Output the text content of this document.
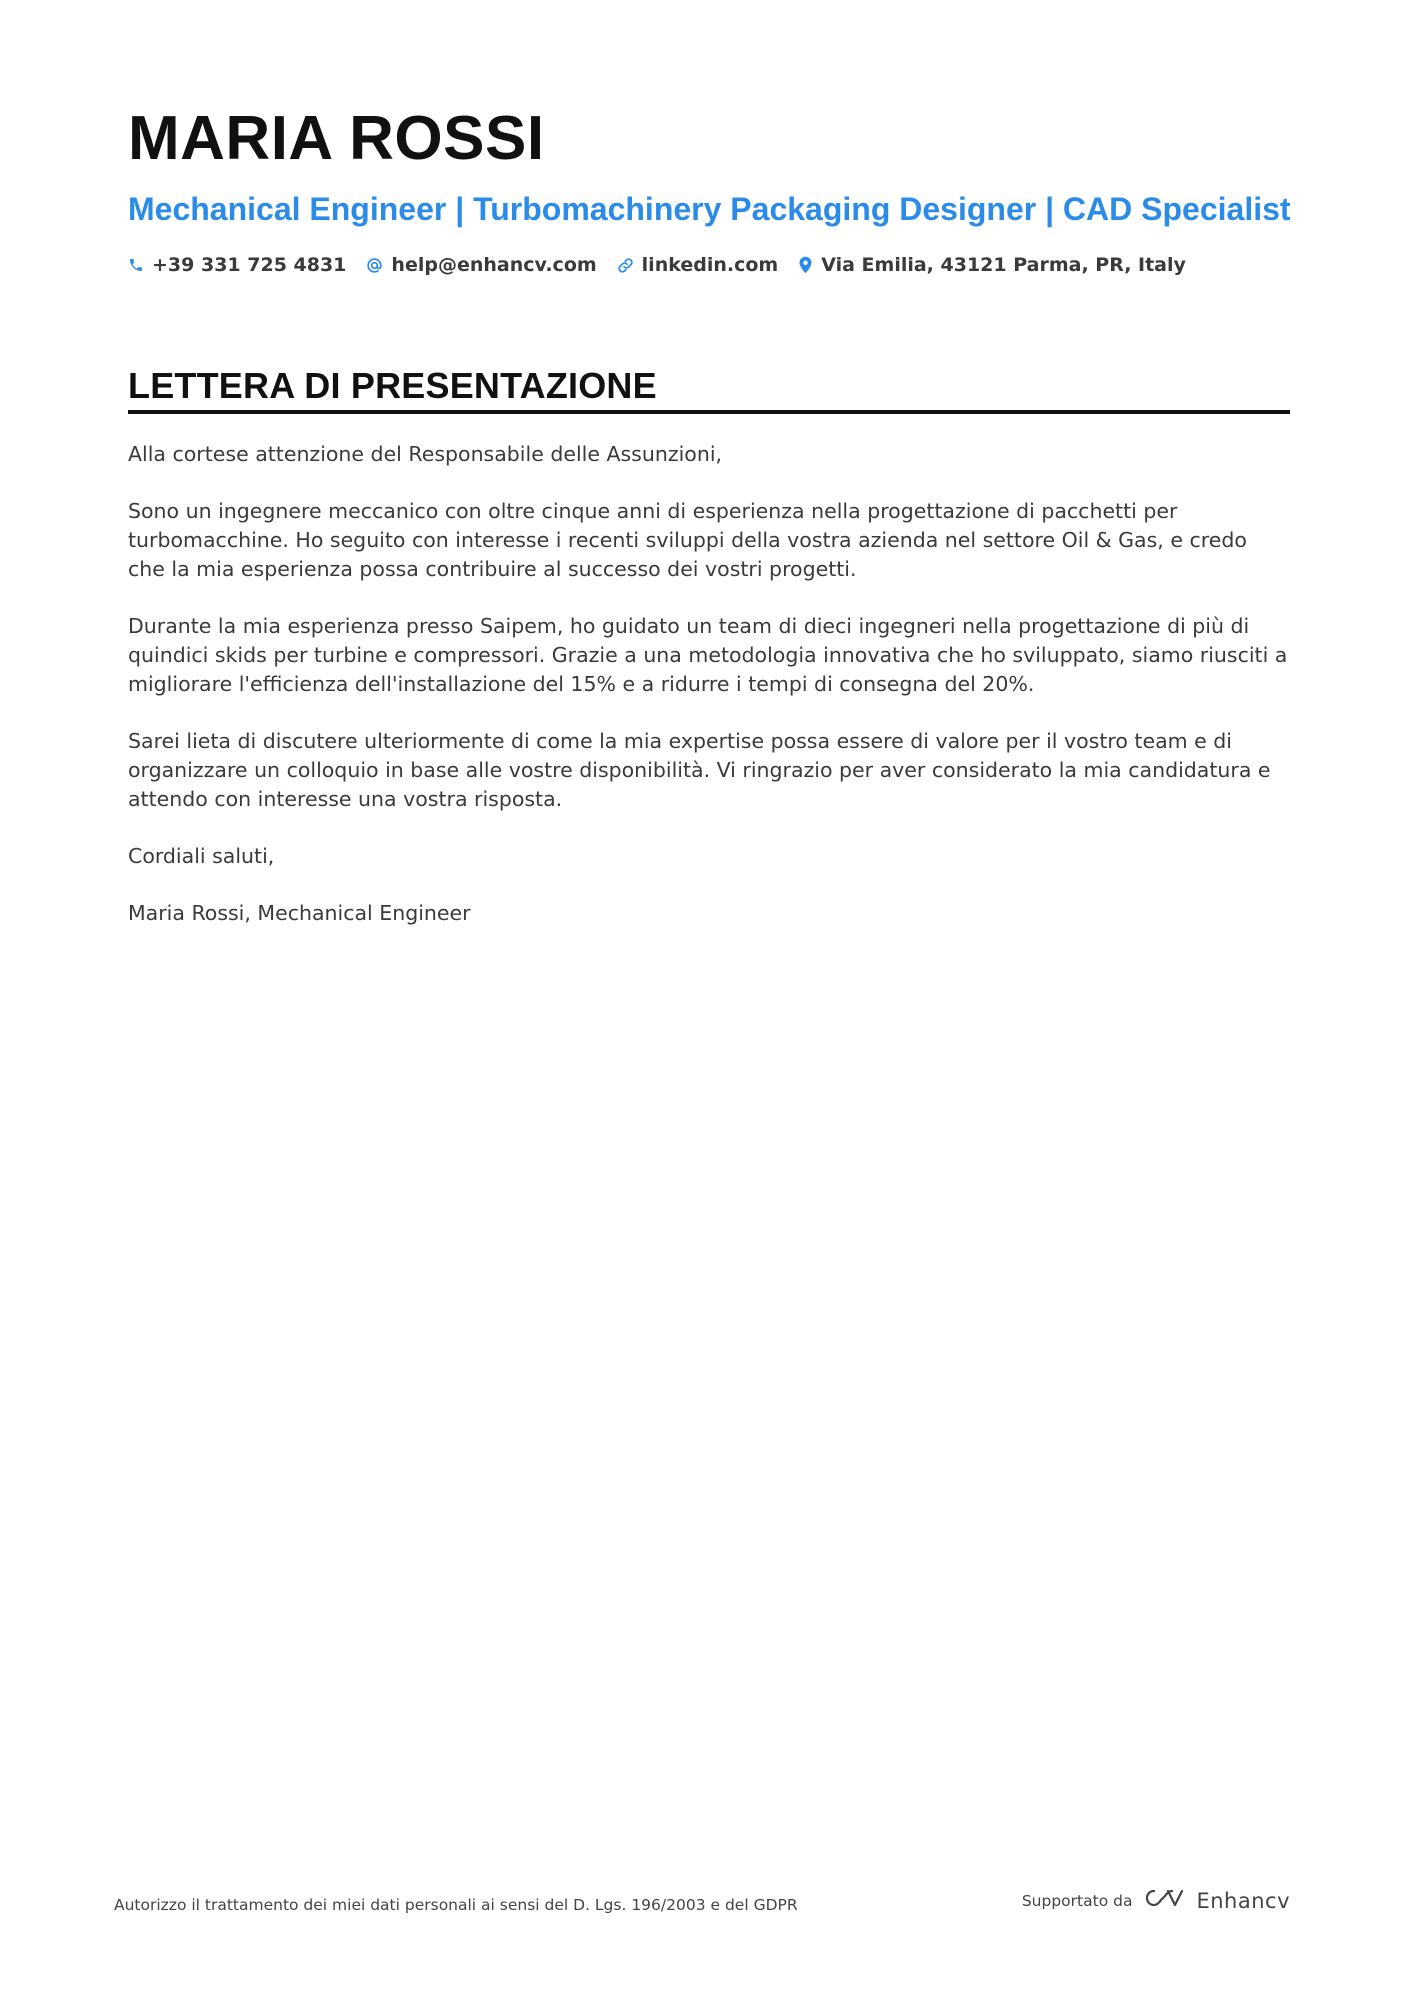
MARIA ROSSI
Mechanical Engineer | Turbomachinery Packaging Designer | CAD Specialist
+39 331 725 4831 help@enhancv.com linkedin.com Via Emilia, 43121 Parma, PR, Italy
LETTERA DI PRESENTAZIONE

Alla cortese attenzione del Responsabile delle Assunzioni,

Sono un ingegnere meccanico con oltre cinque anni di esperienza nella progettazione di pacchetti per turbomacchine. Ho seguito con interesse i recenti sviluppi della vostra azienda nel settore Oil & Gas, e credo che la mia esperienza possa contribuire al successo dei vostri progetti.

Durante la mia esperienza presso Saipem, ho guidato un team di dieci ingegneri nella progettazione di più di quindici skids per turbine e compressori. Grazie a una metodologia innovativa che ho sviluppato, siamo riusciti a migliorare l'efficienza dell'installazione del 15% e a ridurre i tempi di consegna del 20%.

Sarei lieta di discutere ulteriormente di come la mia expertise possa essere di valore per il vostro team e di organizzare un colloquio in base alle vostre disponibilità. Vi ringrazio per aver considerato la mia candidatura e attendo con interesse una vostra risposta.

Cordiali saluti,

Maria Rossi, Mechanical Engineer

Autorizzo il trattamento dei miei dati personali ai sensi del D. Lgs. 196/2003 e del GDPR	Supportato da	Enhancv
